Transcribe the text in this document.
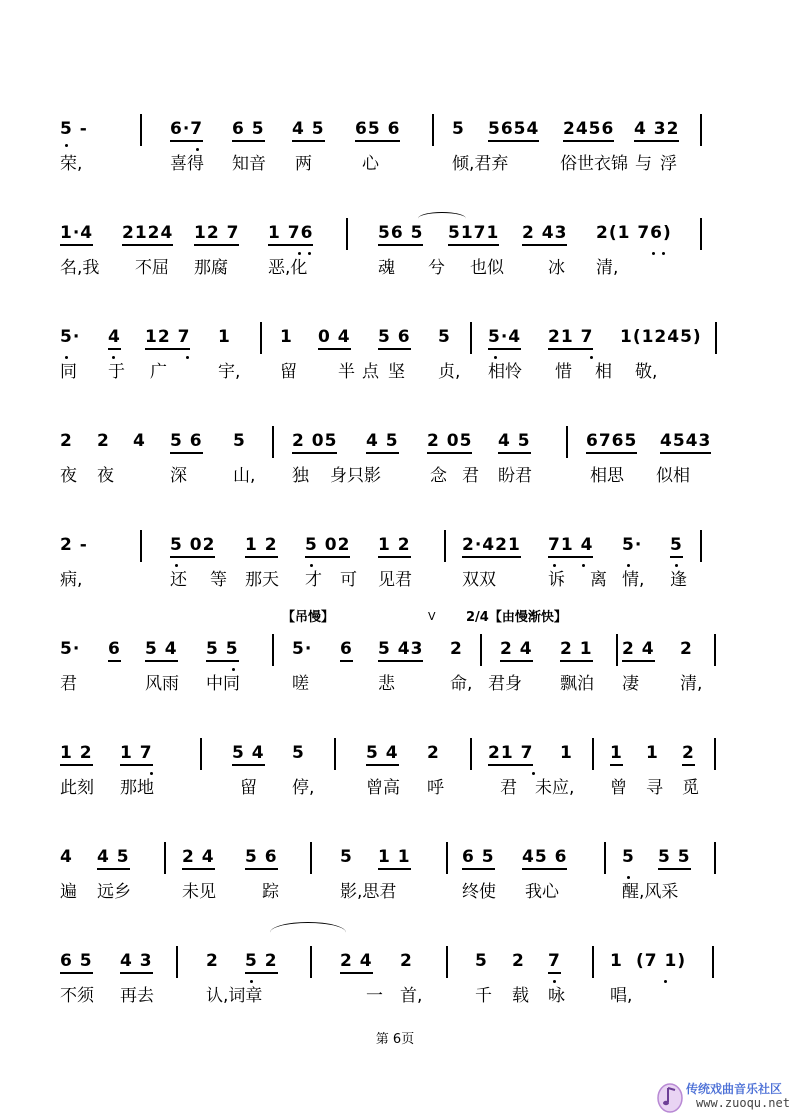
5 -	6·7 6 5 4 5 65 6	5 5654 2456 4 32
荣,	喜得 知音 两	心	倾,君弃	俗世衣锦 与 浮
1·4 2124 12 7 1 76	56 5 5171 2 43 2(1 76)
名,我 不屈 那腐 恶,化	魂 兮 也似	冰 清,
5· 4 12 7 1	1 0 4 5 6 5 5·4 21 7 1(1245)
同 于 广	宇, 留 半 点 坚 贞, 相怜 惜 相 敬,
2 2 4 5 6 5	2 05 4 5 2 05 4 5	6765 4543
夜 夜	深	山, 独 身只影	念 君 盼君	相思 似相
2 -	5 02 1 2 5 02 1 2	2·421 71 4 5· 5
病,	还 等 那天 才 可 见君	双双	诉 离 情, 逢
【吊慢】	V 2/4【由慢渐快】
5· 6 5 4 5 5	5· 6 5 43 2 2 4 2 1 2 4 2
君	风雨 中同	嗟	悲	命, 君身 飘泊 凄 清,
1 2 1 7	5 4 5	5 4 2	21 7 1 1 1 2
此刻 那地	留 停,	曾高 呼	君 未应, 曾 寻 觅
4 4 5	2 4 5 6	5 1 1	6 5 45 6	5 5 5
遍 远乡	未见	踪	影,思君	终使 我心	醒,风采
6 5 4 3	2 5 2	2 4 2	5 2 7	1 (7 1)
不须 再去	认,词章	一 首,	千 载 咏	唱,
第 6页
传统戏曲音乐社区
www.zuoqu.net
